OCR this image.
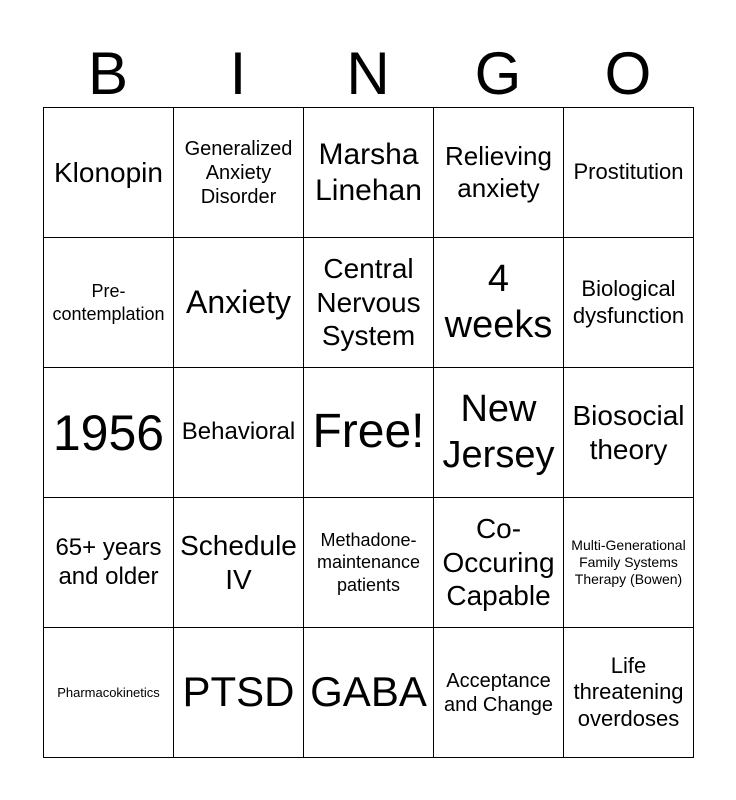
B	I	N	G	O
Klonopin	Generalized Anxiety Disorder	Marsha Linehan	Relieving anxiety	Prostitution

Pre-contemplation	Anxiety	Central Nervous System	4 weeks	Biological dysfunction

1956	Behavioral	Free!	New Jersey	Biosocial theory

65+ years and older	Schedule IV	Methadone-maintenance patients	Co-Occuring Capable	Multi-Generational Family Systems Therapy (Bowen)

Pharmacokinetics	PTSD	GABA	Acceptance and Change	Life threatening overdoses
